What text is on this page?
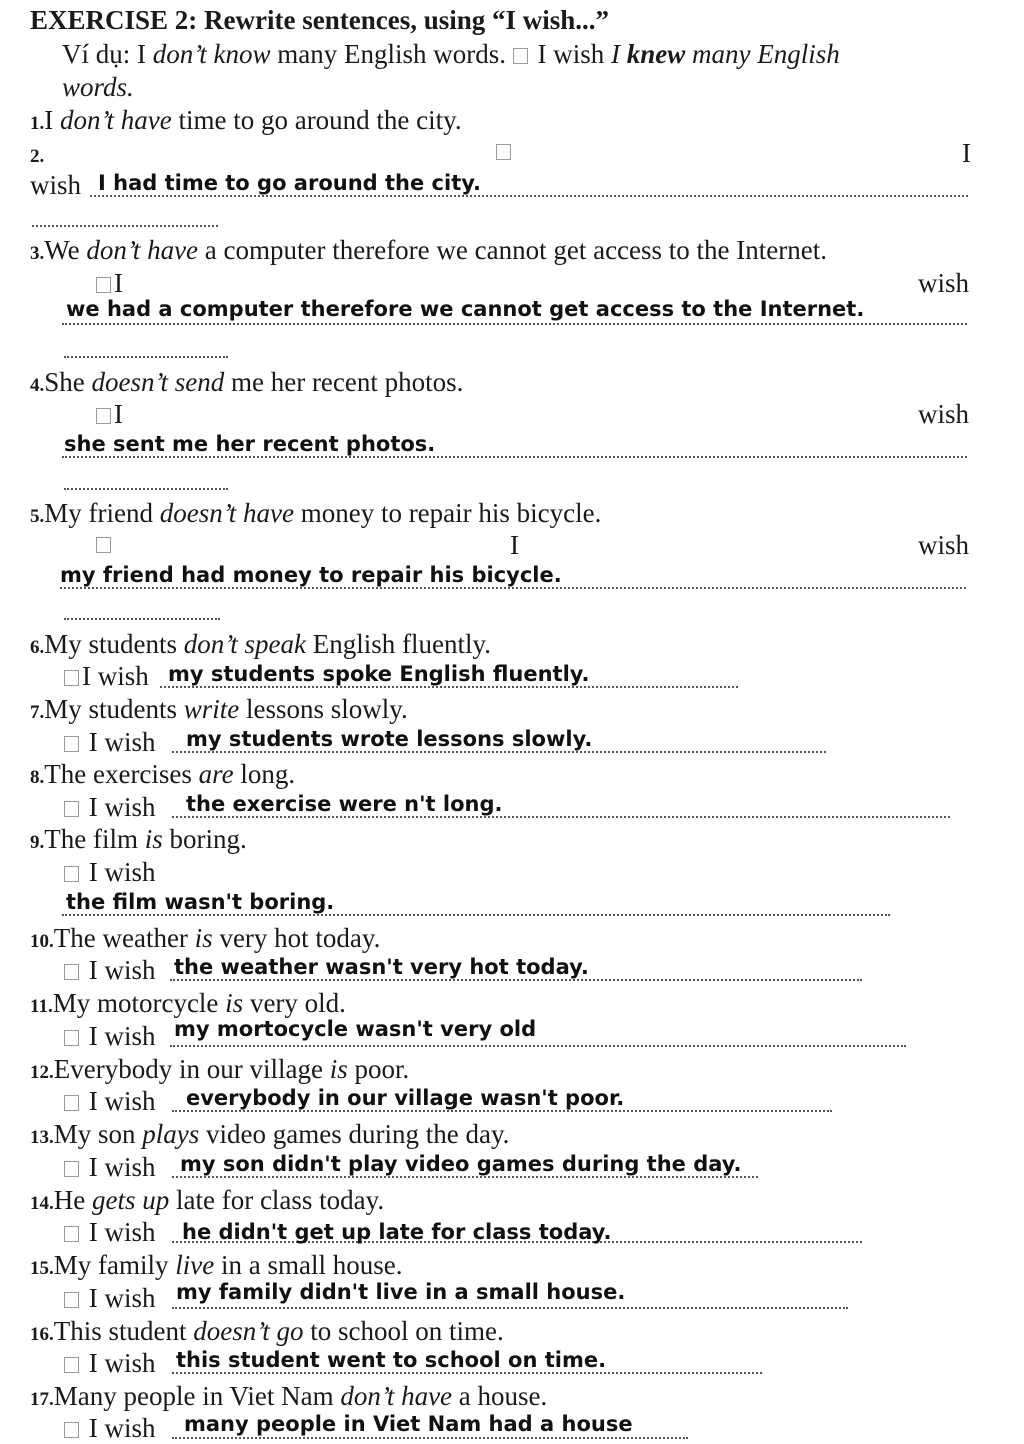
EXERCISE 2: Rewrite sentences, using “I wish...”
Ví dụ: I don’t know many English words. I wish I knew many English
words.
1.I don’t have time to go around the city.
2.	I
wish I had time to go around the city.
3.We don’t have a computer therefore we cannot get access to the Internet.
I	wish
we had a computer therefore we cannot get access to the Internet.
4.She doesn’t send me her recent photos.
I	wish
she sent me her recent photos.
5.My friend doesn’t have money to repair his bicycle.
I	wish
my friend had money to repair his bicycle.
6.My students don’t speak English fluently.
I wish my students spoke English fluently.
7.My students write lessons slowly.
I wish my students wrote lessons slowly.
8.The exercises are long.
I wish the exercise were n't long.
9.The film is boring.
I wish
the film wasn't boring.
10.The weather is very hot today.
I wish the weather wasn't very hot today.
11.My motorcycle is very old.
I wish my mortocycle wasn't very old
12.Everybody in our village is poor.
I wish everybody in our village wasn't poor.
13.My son plays video games during the day.
I wish my son didn't play video games during the day.
14.He gets up late for class today.
I wish he didn't get up late for class today.
15.My family live in a small house.
I wish my family didn't live in a small house.
16.This student doesn’t go to school on time.
I wish this student went to school on time.
17.Many people in Viet Nam don’t have a house.
I wish many people in Viet Nam had a house
